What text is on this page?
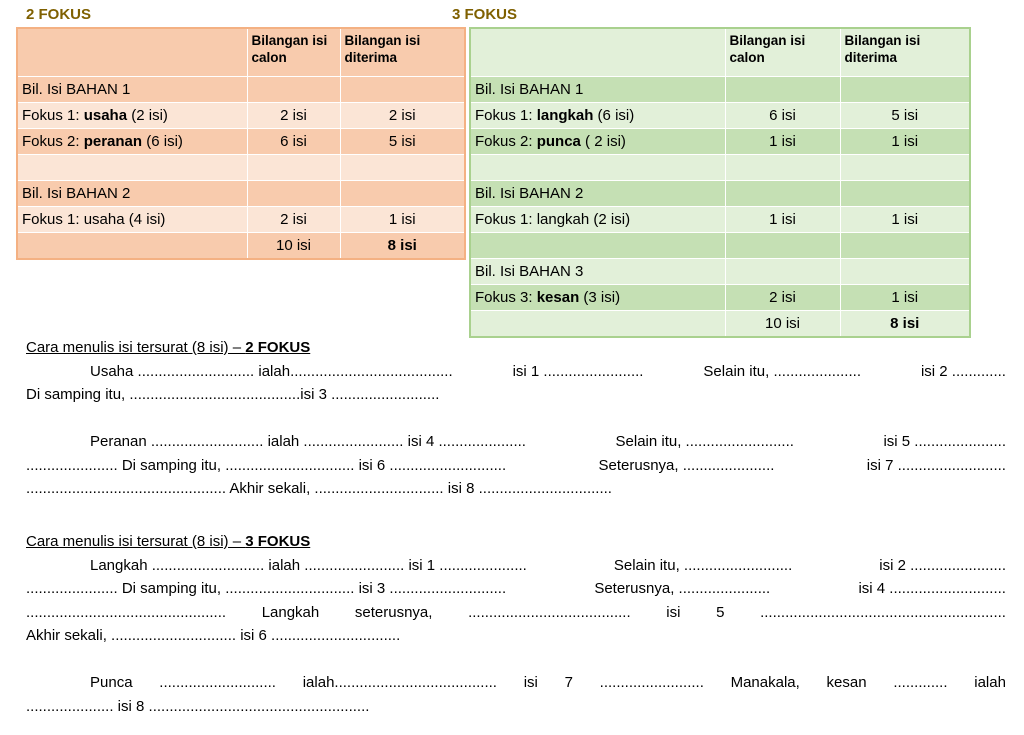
2 FOKUS	3 FOKUS
	Bilangan isi calon	Bilangan isi diterima
Bil. Isi BAHAN 1		
Fokus 1: usaha (2 isi)	2 isi	2 isi
Fokus 2: peranan (6 isi)	6 isi	5 isi

Bil. Isi BAHAN 2		
Fokus 1: usaha (4 isi)	2 isi	1 isi
	10 isi	8 isi
	Bilangan isi calon	Bilangan isi diterima
Bil. Isi BAHAN 1		
Fokus 1: langkah (6 isi)	6 isi	5 isi
Fokus 2: punca ( 2 isi)	1 isi	1 isi

Bil. Isi BAHAN 2		
Fokus 1: langkah (2 isi)	1 isi	1 isi

Bil. Isi BAHAN 3		
Fokus 3: kesan (3 isi)	2 isi	1 isi
	10 isi	8 isi
Cara menulis isi tersurat (8 isi) – 2 FOKUS
Usaha ............................ ialah.......................................	isi 1 ........................	Selain itu, .....................	isi 2 .............
Di samping itu, .........................................isi 3 ..........................
Peranan ........................... ialah ........................ isi 4 .....................	Selain itu, ..........................	isi 5 ......................
...................... Di samping itu, ............................... isi 6 ............................	Seterusnya, ......................	isi 7 ..........................
................................................ Akhir sekali, ............................... isi 8 ................................
Cara menulis isi tersurat (8 isi) – 3 FOKUS
Langkah ........................... ialah ........................ isi 1 .....................	Selain itu, ..........................	isi 2 .......................
...................... Di samping itu, ............................... isi 3 ............................	Seterusnya, ......................	isi 4 ............................
................................................ Langkah seterusnya, ....................................... isi 5 ...........................................................
Akhir sekali, .............................. isi 6 ...............................
Punca ............................ ialah....................................... isi 7 ......................... Manakala, kesan ............. ialah
..................... isi 8 .....................................................
